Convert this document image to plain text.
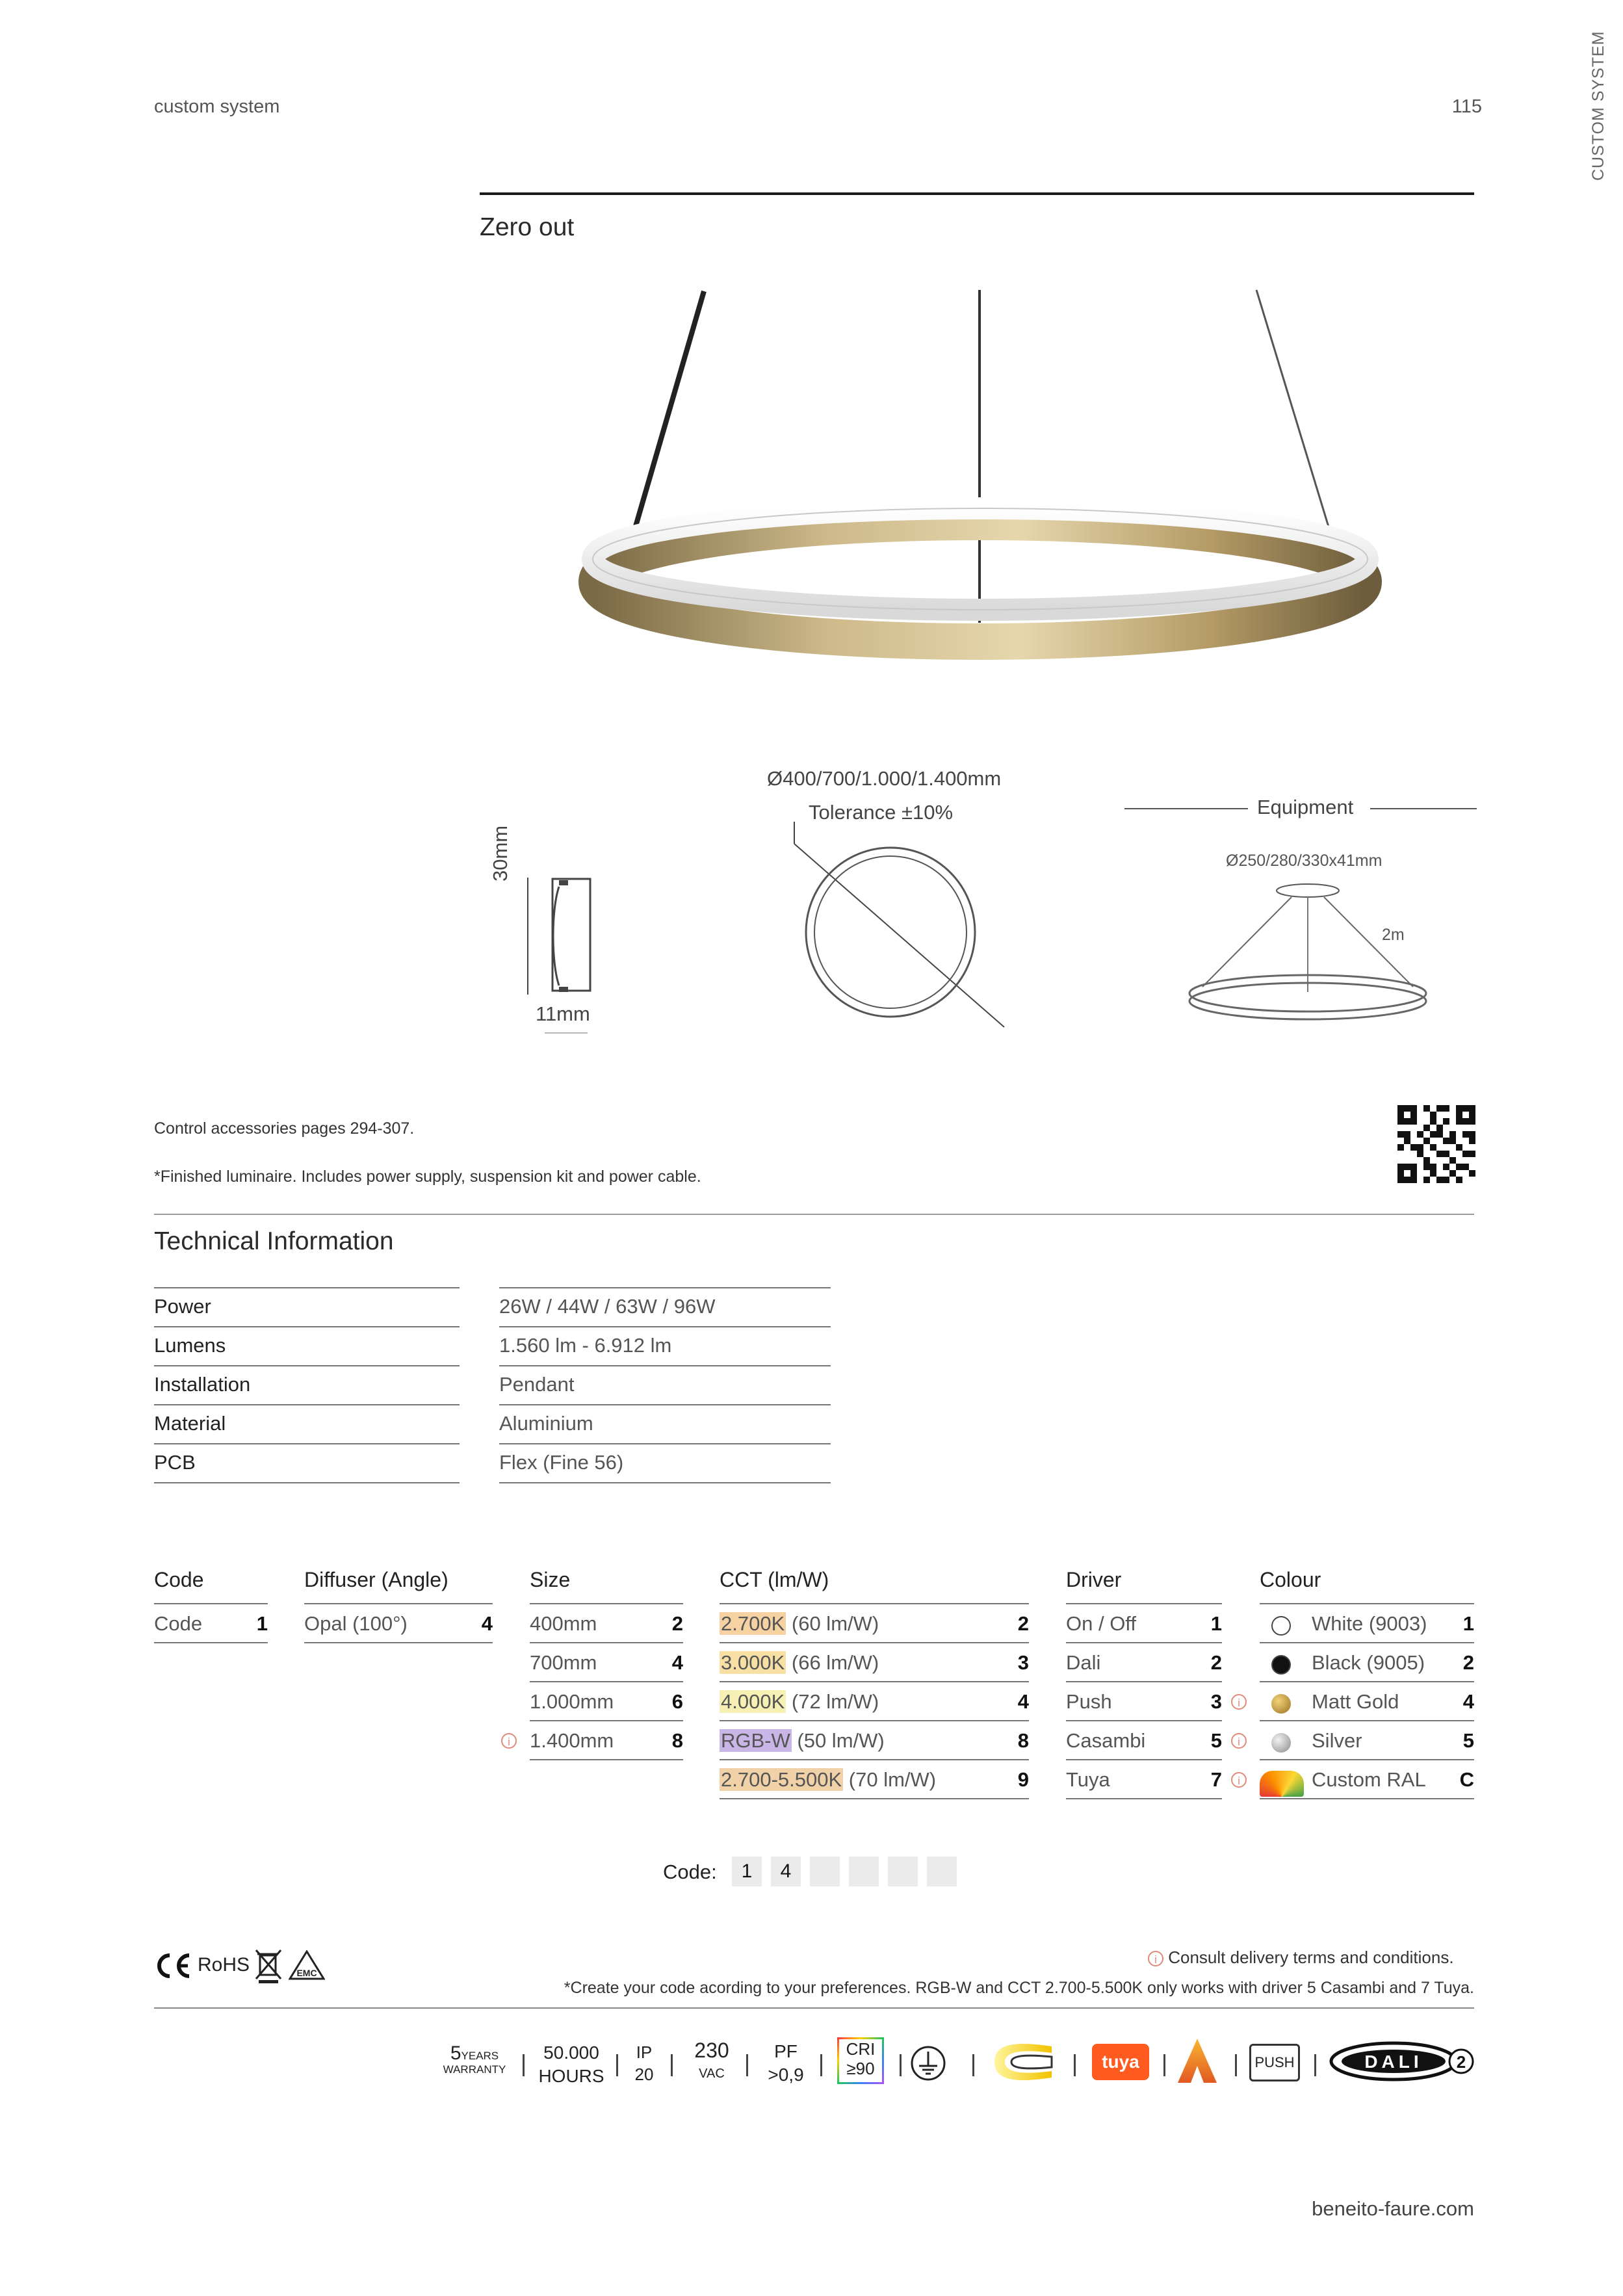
custom system	115	CUSTOM SYSTEM
Zero out
Ø400/700/1.000/1.400mm
Tolerance ±10%
30mm
11mm
Equipment
Ø250/280/330x41mm
2m
Control accessories pages 294-307.
*Finished luminaire. Includes power supply, suspension kit and power cable.
Technical Information
Power	26W / 44W / 63W / 96W
Lumens	1.560 lm - 6.912 lm
Installation	Pendant
Material	Aluminium
PCB	Flex (Fine 56)
Code
Code	1
Diffuser (Angle)
Opal (100°)	4
Size
400mm	2
700mm	4
1.000mm	6
1.400mm	8
i
CCT (lm/W)
2.700K (60 lm/W)	2
3.000K (66 lm/W)	3
4.000K (72 lm/W)	4
RGB-W (50 lm/W)	8
2.700-5.500K (70 lm/W)	9
Driver
On / Off	1
Dali	2
Push	3
Casambi	5
Tuya	7
Colour
White (9003)	1
Black (9005)	2
Matt Gold	4
i
Silver	5
i
Custom RAL	C
i
Code:	1	4
RoHS	EMC
i Consult delivery terms and conditions.
*Create your code acording to your preferences. RGB-W and CCT 2.700-5.500K only works with driver 5 Casambi and 7 Tuya.
5YEARS
WARRANTY
50.000
HOURS
IP
20
230
VAC
PF
>0,9
CRI
≥90	tuya	PUSH	DALI 2
beneito-faure.com
